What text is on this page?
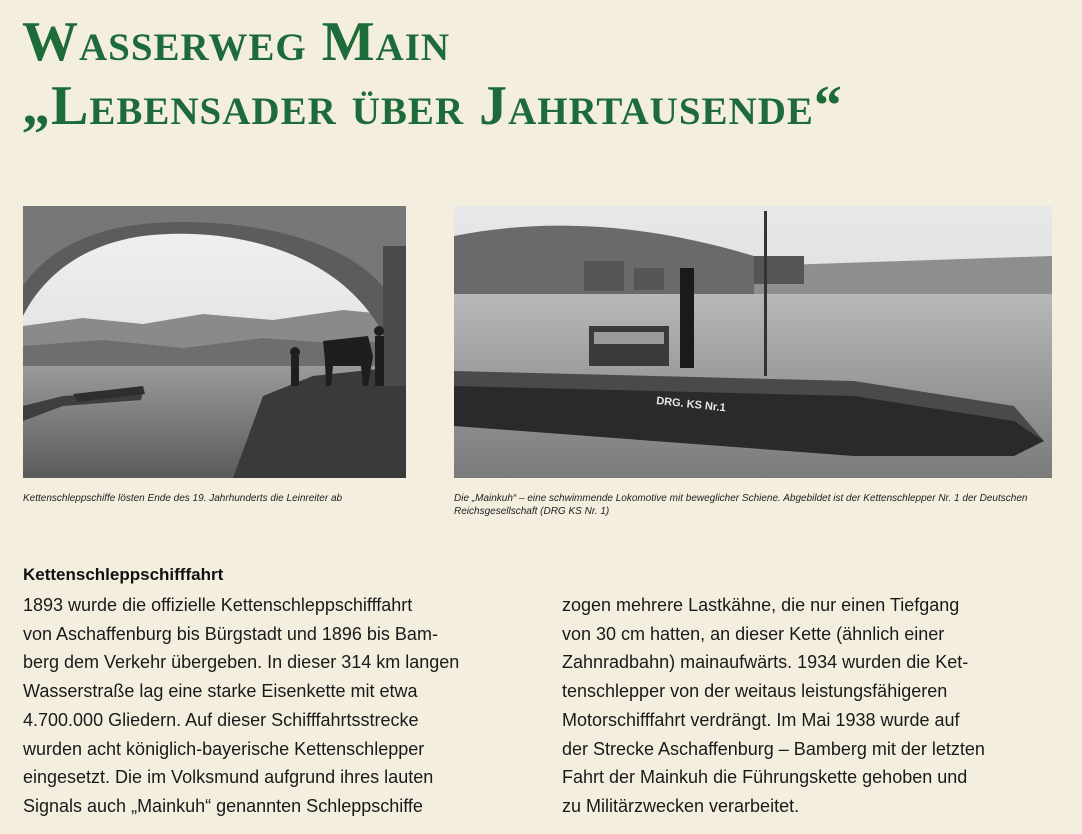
Wasserweg Main
„Lebensader über Jahrtausende“
DRG. KS Nr.1

Kettenschleppschiffe lösten Ende des 19. Jahrhunderts die Leinreiter ab	Die „Mainkuh“ – eine schwimmende Lokomotive mit beweglicher Schiene. Abgebildet ist der Kettenschlepper Nr. 1 der Deutschen Reichsgesellschaft (DRG KS Nr. 1)

Kettenschleppschifffahrt
1893 wurde die offizielle Kettenschleppschifffahrt
von Aschaffenburg bis Bürgstadt und 1896 bis Bam-
berg dem Verkehr übergeben. In dieser 314 km langen
Wasserstraße lag eine starke Eisenkette mit etwa
4.700.000 Gliedern. Auf dieser Schifffahrtsstrecke
wurden acht königlich-bayerische Kettenschlepper
eingesetzt. Die im Volksmund aufgrund ihres lauten
Signals auch „Mainkuh“ genannten Schleppschiffe
zogen mehrere Lastkähne, die nur einen Tiefgang
von 30 cm hatten, an dieser Kette (ähnlich einer
Zahnradbahn) mainaufwärts. 1934 wurden die Ket-
tenschlepper von der weitaus leistungsfähigeren
Motorschifffahrt verdrängt. Im Mai 1938 wurde auf
der Strecke Aschaffenburg – Bamberg mit der letzten
Fahrt der Mainkuh die Führungskette gehoben und
zu Militärzwecken verarbeitet.
